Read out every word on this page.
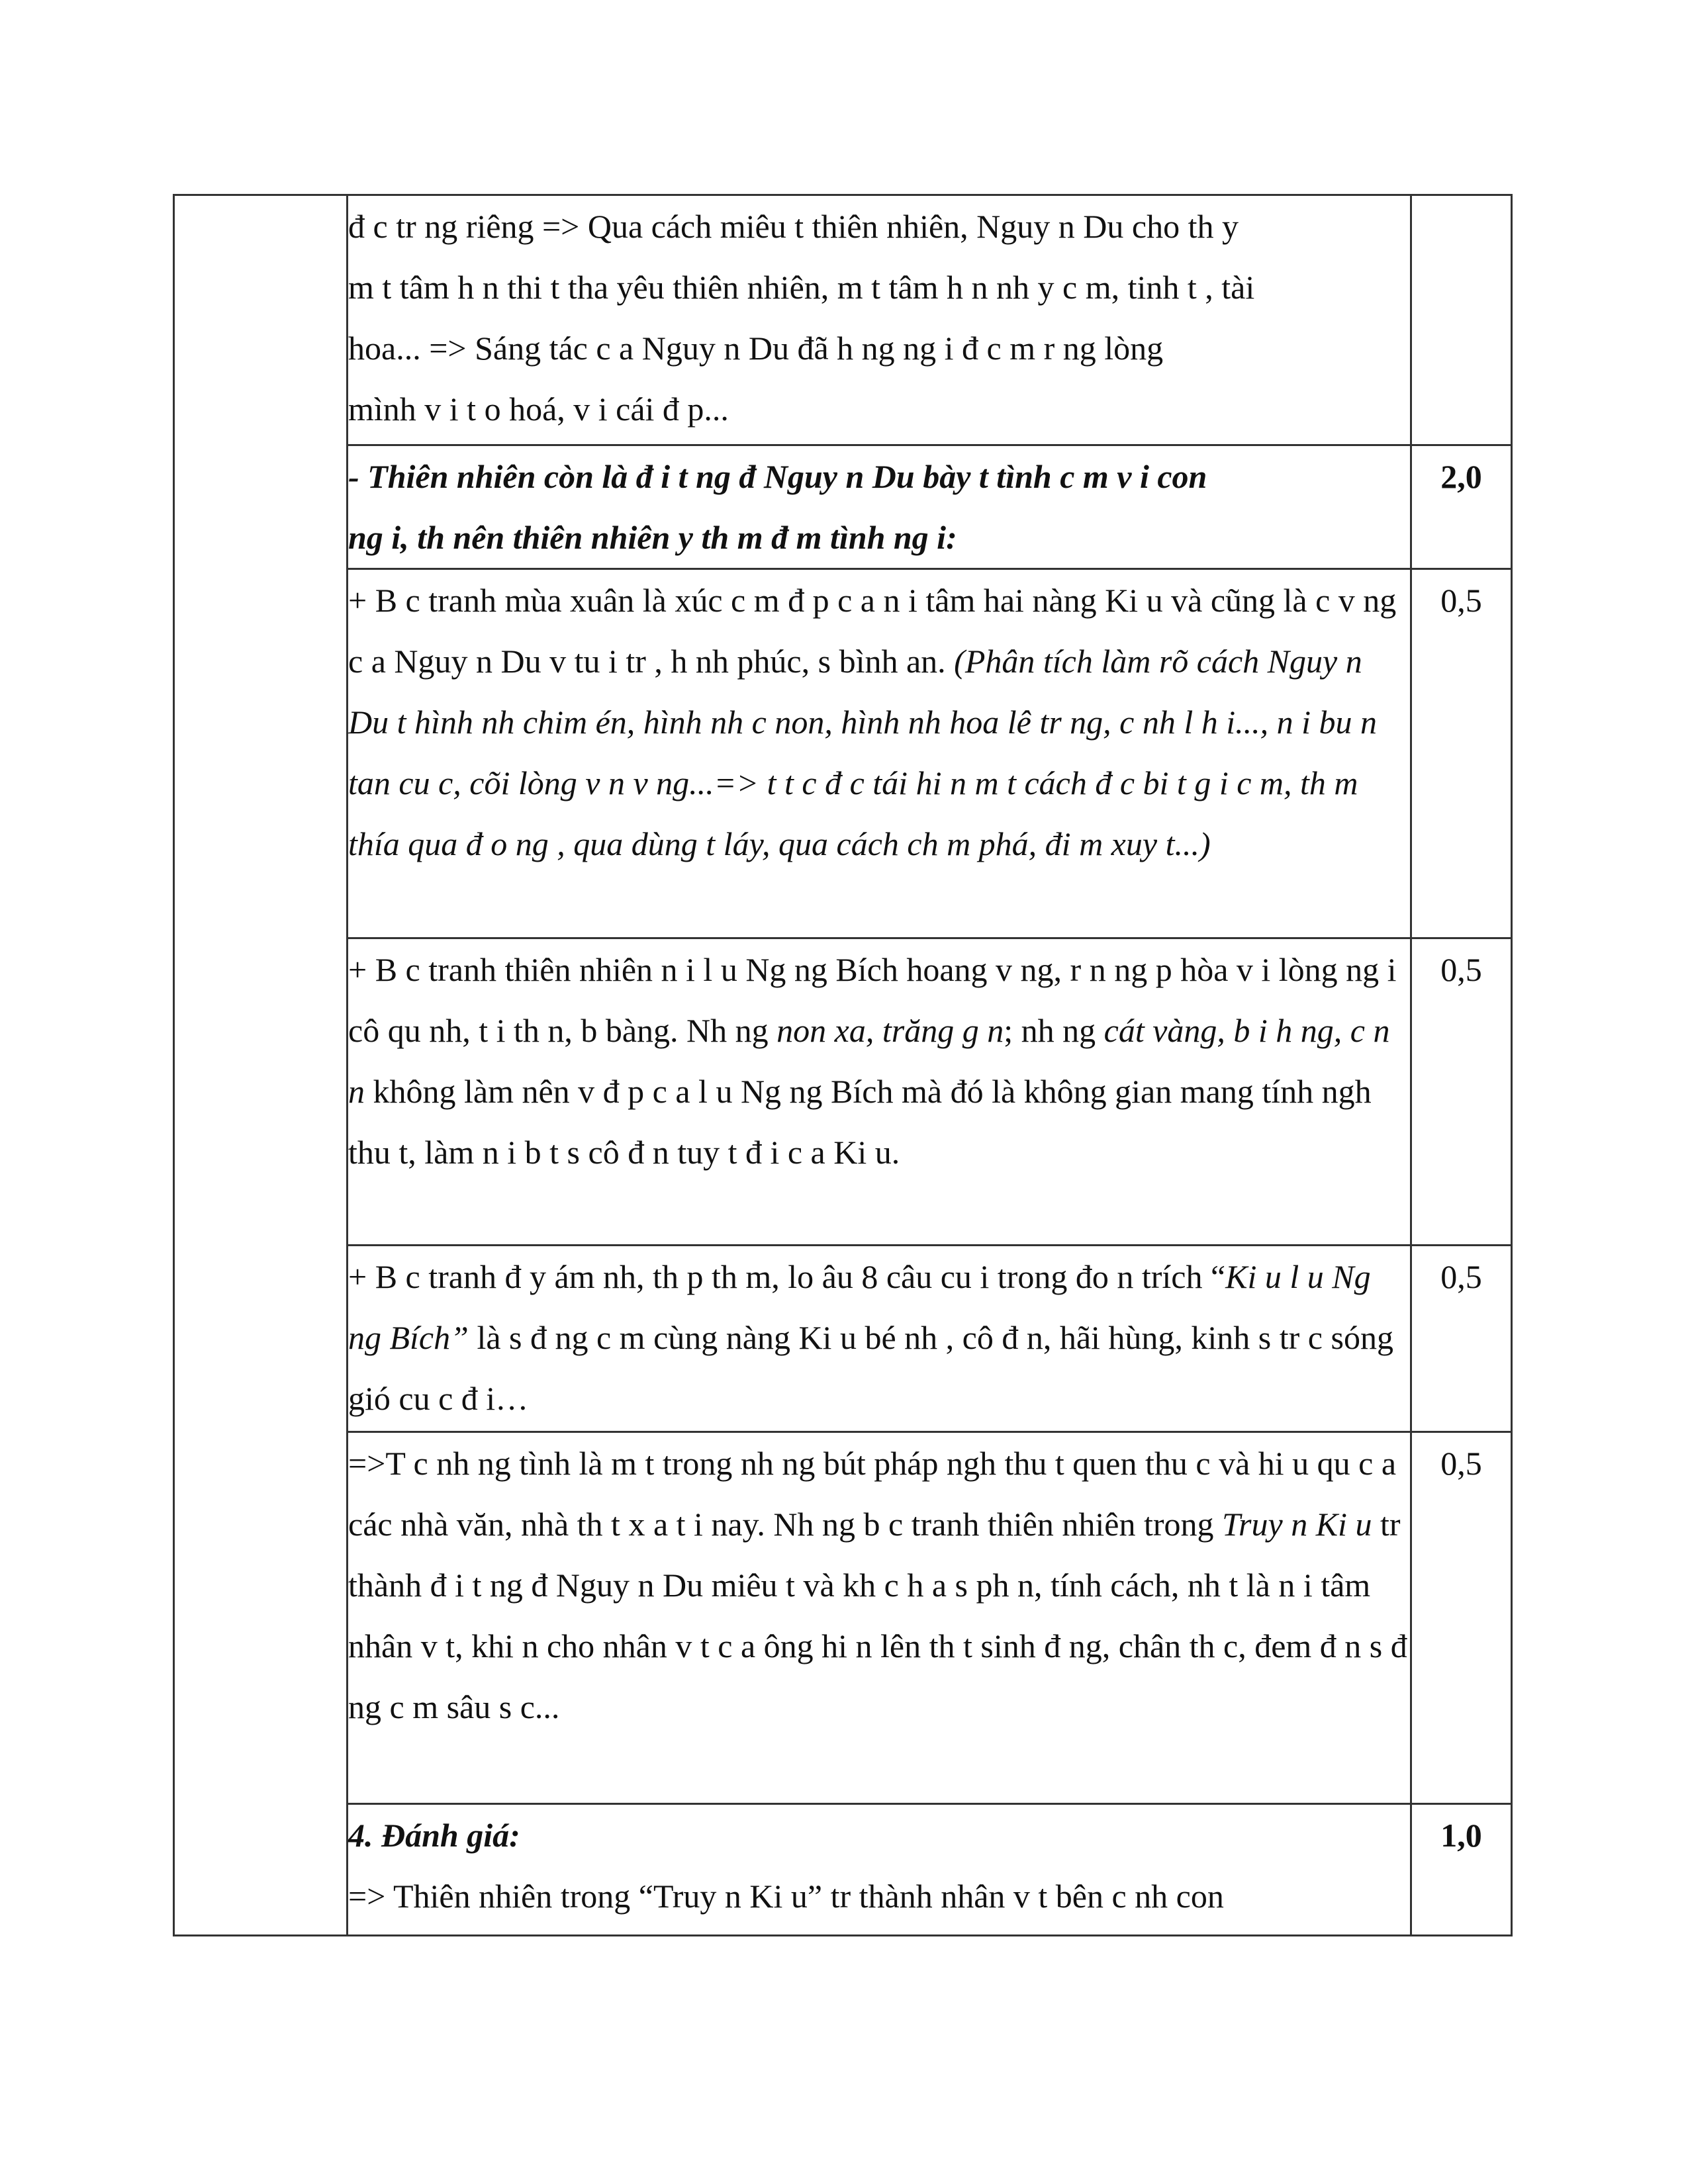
	đ c tr ng riêng => Qua cách miêu t thiên nhiên, Nguy n Du cho th y

m t tâm h n thi t tha yêu thiên nhiên, m t tâm h n nh y c m, tinh t , tài

hoa... => Sáng tác c a Nguy n Du đã h ng ng i đ c m r ng lòng

mình v i t o hoá, v i cái đ p...	

	- Thiên nhiên còn là đ i t ng đ Nguy n Du bày t tình c m v i con

ng i, th nên thiên nhiên y th m đ m tình ng i:	2,0
	+ B c tranh mùa xuân là xúc c m đ p c a n i tâm hai nàng Ki u và cũng là c v ng c a Nguy n Du v tu i tr , h nh phúc, s bình an. (Phân tích làm rõ cách Nguy n Du t hình nh chim én, hình nh c non, hình nh hoa lê tr ng, c nh l h i..., n i bu n tan cu c, cõi lòng v n v ng...=> t t c đ c tái hi n m t cách đ c bi t g i c m, th m thía qua đ o ng , qua dùng t láy, qua cách ch m phá, đi m xuy t...)	0,5
	+ B c tranh thiên nhiên n i l u Ng ng Bích hoang v ng, r n ng p hòa v i lòng ng i cô qu nh, t i th n, b bàng. Nh ng non xa, trăng g n; nh ng cát vàng, b i h ng, c n n không làm nên v đ p c a l u Ng ng Bích mà đó là không gian mang tính ngh thu t, làm n i b t s cô đ n tuy t đ i c a Ki u.	0,5
	+ B c tranh đ y ám nh, th p th m, lo âu 8 câu cu i trong đo n trích “Ki u l u Ng ng Bích” là s đ ng c m cùng nàng Ki u bé nh , cô đ n, hãi hùng, kinh s tr c sóng gió cu c đ i…	0,5
	=>T c nh ng tình là m t trong nh ng bút pháp ngh thu t quen thu c và hi u qu c a các nhà văn, nhà th t x a t i nay. Nh ng b c tranh thiên nhiên trong Truy n Ki u tr thành đ i t ng đ Nguy n Du miêu t và kh c h a s ph n, tính cách, nh t là n i tâm nhân v t, khi n cho nhân v t c a ông hi n lên th t sinh đ ng, chân th c, đem đ n s đ ng c m sâu s c...	0,5

	4. Đánh giá:

=> Thiên nhiên trong “Truy n Ki u” tr thành nhân v t bên c nh con	1,0
